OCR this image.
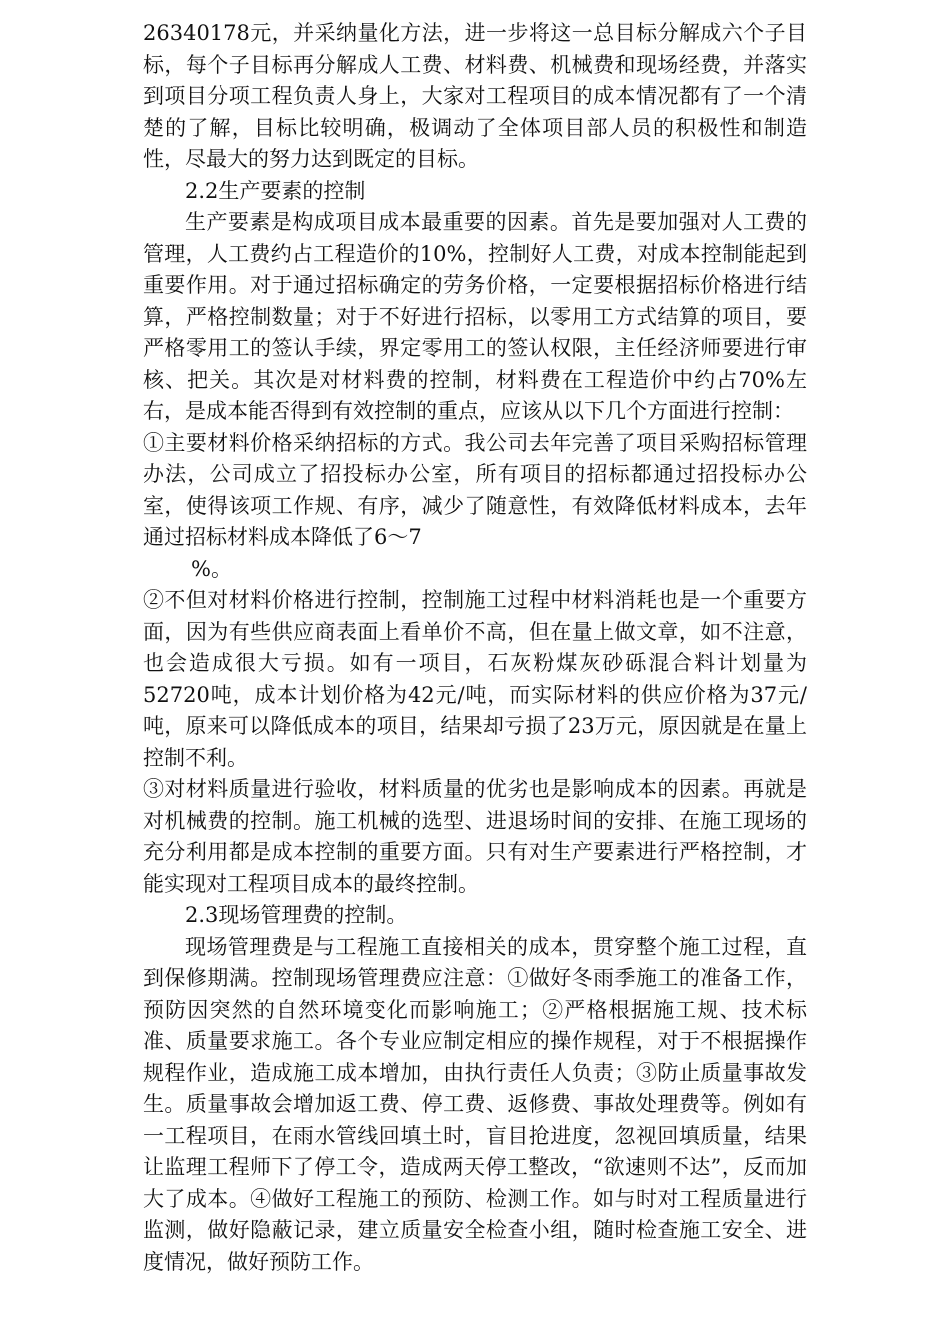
26340178元，并采纳量化方法，进一步将这一总目标分解成六个子目标，每个子目标再分解成人工费、材料费、机械费和现场经费，并落实到项目分项工程负责人身上，大家对工程项目的成本情况都有了一个清楚的了解，目标比较明确，极调动了全体项目部人员的积极性和制造性，尽最大的努力达到既定的目标。

2.2生产要素的控制

生产要素是构成项目成本最重要的因素。首先是要加强对人工费的管理，人工费约占工程造价的10%，控制好人工费，对成本控制能起到重要作用。对于通过招标确定的劳务价格，一定要根据招标价格进行结算，严格控制数量；对于不好进行招标，以零用工方式结算的项目，要严格零用工的签认手续，界定零用工的签认权限，主任经济师要进行审核、把关。其次是对材料费的控制，材料费在工程造价中约占70%左右，是成本能否得到有效控制的重点，应该从以下几个方面进行控制：

①主要材料价格采纳招标的方式。我公司去年完善了项目采购招标管理办法，公司成立了招投标办公室，所有项目的招标都通过招投标办公室，使得该项工作规、有序，减少了随意性，有效降低材料成本，去年通过招标材料成本降低了6～7

%。

②不但对材料价格进行控制，控制施工过程中材料消耗也是一个重要方面，因为有些供应商表面上看单价不高，但在量上做文章，如不注意，也会造成很大亏损。如有一项目，石灰粉煤灰砂砾混合料计划量为52720吨，成本计划价格为42元/吨，而实际材料的供应价格为37元/吨，原来可以降低成本的项目，结果却亏损了23万元，原因就是在量上控制不利。

③对材料质量进行验收，材料质量的优劣也是影响成本的因素。再就是对机械费的控制。施工机械的选型、进退场时间的安排、在施工现场的充分利用都是成本控制的重要方面。只有对生产要素进行严格控制，才能实现对工程项目成本的最终控制。

2.3现场管理费的控制。

现场管理费是与工程施工直接相关的成本，贯穿整个施工过程，直到保修期满。控制现场管理费应注意：①做好冬雨季施工的准备工作，预防因突然的自然环境变化而影响施工；②严格根据施工规、技术标准、质量要求施工。各个专业应制定相应的操作规程，对于不根据操作规程作业，造成施工成本增加，由执行责任人负责；③防止质量事故发生。质量事故会增加返工费、停工费、返修费、事故处理费等。例如有一工程项目，在雨水管线回填土时，盲目抢进度，忽视回填质量，结果让监理工程师下了停工令，造成两天停工整改，“欲速则不达”，反而加大了成本。④做好工程施工的预防、检测工作。如与时对工程质量进行监测，做好隐蔽记录，建立质量安全检查小组，随时检查施工安全、进度情况，做好预防工作。
